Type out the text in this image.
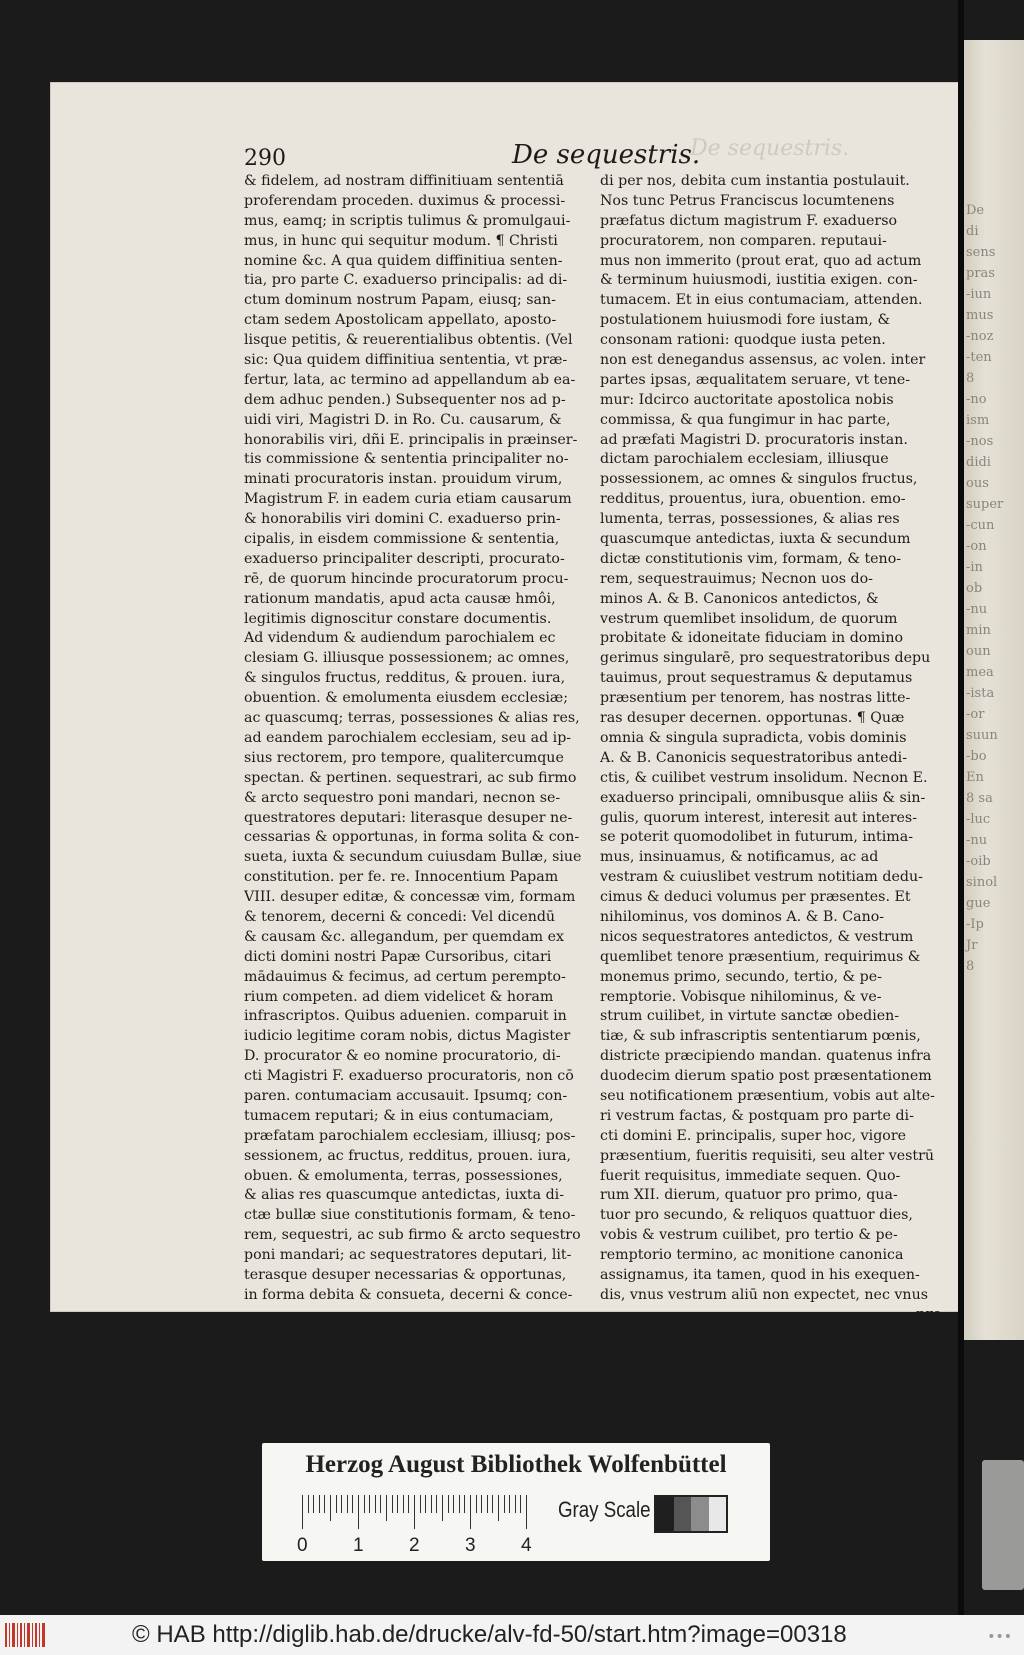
De
di
sens
pras
-iun
mus
-noz
-ten
8
-no
ism
-nos
didi
ous
super
-cun
-on
-in
ob
-nu
min
oun
mea
-ista
-or
suun
-bo
En
8 sa
-luc
-nu
-oib
sinol
gue
-Ip
Jr
8
290	De sequestris.
De sequestris.
& fidelem, ad nostram diffinitiuam sententiā
proferendam proceden. duximus & processi-
mus, eamq; in scriptis tulimus & promulgaui-
mus, in hunc qui sequitur modum. ¶ Christi
nomine &c. A qua quidem diffinitiua senten-
tia, pro parte C. exaduerso principalis: ad di-
ctum dominum nostrum Papam, eiusq; san-
ctam sedem Apostolicam appellato, aposto-
lisque petitis, & reuerentialibus obtentis. (Vel
sic: Qua quidem diffinitiua sententia, vt præ-
fertur, lata, ac termino ad appellandum ab ea-
dem adhuc penden.) Subsequenter nos ad p-
uidi viri, Magistri D. in Ro. Cu. causarum, &
honorabilis viri, dñi E. principalis in præinser-
tis commissione & sententia principaliter no-
minati procuratoris instan. prouidum virum,
Magistrum F. in eadem curia etiam causarum
& honorabilis viri domini C. exaduerso prin-
cipalis, in eisdem commissione & sententia,
exaduerso principaliter descripti, procurato-
rē, de quorum hincinde procuratorum procu-
rationum mandatis, apud acta causæ hmôi,
legitimis dignoscitur constare documentis.
Ad videndum & audiendum parochialem ec
clesiam G. illiusque possessionem; ac omnes,
& singulos fructus, redditus, & prouen. iura,
obuention. & emolumenta eiusdem ecclesiæ;
ac quascumq; terras, possessiones & alias res,
ad eandem parochialem ecclesiam, seu ad ip-
sius rectorem, pro tempore, qualitercumque
spectan. & pertinen. sequestrari, ac sub firmo
& arcto sequestro poni mandari, necnon se-
questratores deputari: literasque desuper ne-
cessarias & opportunas, in forma solita & con-
sueta, iuxta & secundum cuiusdam Bullæ, siue
constitution. per fe. re. Innocentium Papam
VIII. desuper editæ, & concessæ vim, formam
& tenorem, decerni & concedi: Vel dicendū
& causam &c. allegandum, per quemdam ex
dicti domini nostri Papæ Cursoribus, citari
mādauimus & fecimus, ad certum perempto-
rium competen. ad diem videlicet & horam
infrascriptos. Quibus aduenien. comparuit in
iudicio legitime coram nobis, dictus Magister
D. procurator & eo nomine procuratorio, di-
cti Magistri F. exaduerso procuratoris, non cō
paren. contumaciam accusauit. Ipsumq; con-
tumacem reputari; & in eius contumaciam,
præfatam parochialem ecclesiam, illiusq; pos-
sessionem, ac fructus, redditus, prouen. iura,
obuen. & emolumenta, terras, possessiones,
& alias res quascumque antedictas, iuxta di-
ctæ bullæ siue constitutionis formam, & teno-
rem, sequestri, ac sub firmo & arcto sequestro
poni mandari; ac sequestratores deputari, lit-
terasque desuper necessarias & opportunas,
in forma debita & consueta, decerni & conce-
di per nos, debita cum instantia postulauit.
Nos tunc Petrus Franciscus locumtenens
præfatus dictum magistrum F. exaduerso
procuratorem, non comparen. reputaui-
mus non immerito (prout erat, quo ad actum
& terminum huiusmodi, iustitia exigen. con-
tumacem. Et in eius contumaciam, attenden.
postulationem huiusmodi fore iustam, &
consonam rationi: quodque iusta peten.
non est denegandus assensus, ac volen. inter
partes ipsas, æqualitatem seruare, vt tene-
mur: Idcirco auctoritate apostolica nobis
commissa, & qua fungimur in hac parte,
ad præfati Magistri D. procuratoris instan.
dictam parochialem ecclesiam, illiusque
possessionem, ac omnes & singulos fructus,
redditus, prouentus, iura, obuention. emo-
lumenta, terras, possessiones, & alias res
quascumque antedictas, iuxta & secundum
dictæ constitutionis vim, formam, & teno-
rem, sequestrauimus; Necnon uos do-
minos A. & B. Canonicos antedictos, &
vestrum quemlibet insolidum, de quorum
probitate & idoneitate fiduciam in domino
gerimus singularē, pro sequestratoribus depu
tauimus, prout sequestramus & deputamus
præsentium per tenorem, has nostras litte-
ras desuper decernen. opportunas. ¶ Quæ
omnia & singula supradicta, vobis dominis
A. & B. Canonicis sequestratoribus antedi-
ctis, & cuilibet vestrum insolidum. Necnon E.
exaduerso principali, omnibusque aliis & sin-
gulis, quorum interest, interesit aut interes-
se poterit quomodolibet in futurum, intima-
mus, insinuamus, & notificamus, ac ad
vestram & cuiuslibet vestrum notitiam dedu-
cimus & deduci volumus per præsentes. Et
nihilominus, vos dominos A. & B. Cano-
nicos sequestratores antedictos, & vestrum
quemlibet tenore præsentium, requirimus &
monemus primo, secundo, tertio, & pe-
remptorie. Vobisque nihilominus, & ve-
strum cuilibet, in virtute sanctæ obedien-
tiæ, & sub infrascriptis sententiarum pœnis,
districte præcipiendo mandan. quatenus infra
duodecim dierum spatio post præsentationem
seu notificationem præsentium, vobis aut alte-
ri vestrum factas, & postquam pro parte di-
cti domini E. principalis, super hoc, vigore
præsentium, fueritis requisiti, seu alter vestrū
fuerit requisitus, immediate sequen. Quo-
rum XII. dierum, quatuor pro primo, qua-
tuor pro secundo, & reliquos quattuor dies,
vobis & vestrum cuilibet, pro tertio & pe-
remptorio termino, ac monitione canonica
assignamus, ita tamen, quod in his exequen-
dis, vnus vestrum aliū non expectet, nec vnus
pro
Herzog August Bibliothek Wolfenbüttel
0 1 2 3 4
Gray Scale
© HAB http://diglib.hab.de/drucke/alv-fd-50/start.htm?image=00318	•••
